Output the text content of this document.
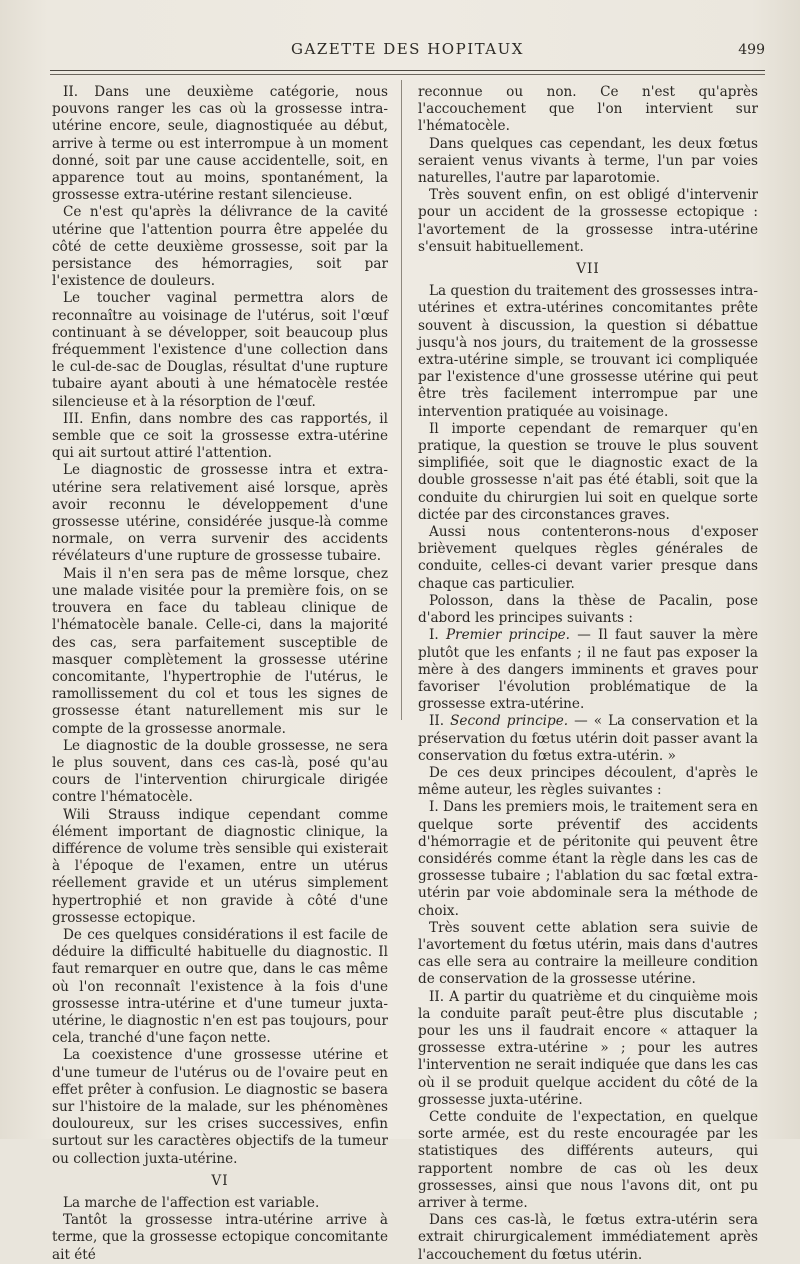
GAZETTE DES HOPITAUX	499

II. Dans une deuxième catégorie, nous pouvons ranger les cas où la grossesse intra-utérine encore, seule, diagnostiquée au début, arrive à terme ou est interrompue à un moment donné, soit par une cause accidentelle, soit, en apparence tout au moins, spontanément, la grossesse extra-utérine restant silencieuse.

Ce n'est qu'après la délivrance de la cavité utérine que l'attention pourra être appelée du côté de cette deuxième grossesse, soit par la persistance des hémorragies, soit par l'existence de douleurs.

Le toucher vaginal permettra alors de reconnaître au voisinage de l'utérus, soit l'œuf continuant à se développer, soit beaucoup plus fréquemment l'existence d'une collection dans le cul-de-sac de Douglas, résultat d'une rupture tubaire ayant abouti à une hématocèle restée silencieuse et à la résorption de l'œuf.

III. Enfin, dans nombre des cas rapportés, il semble que ce soit la grossesse extra-utérine qui ait surtout attiré l'attention.

Le diagnostic de grossesse intra et extra-utérine sera relativement aisé lorsque, après avoir reconnu le développement d'une grossesse utérine, considérée jusque-là comme normale, on verra survenir des accidents révélateurs d'une rupture de grossesse tubaire.

Mais il n'en sera pas de même lorsque, chez une malade visitée pour la première fois, on se trouvera en face du tableau clinique de l'hématocèle banale. Celle-ci, dans la majorité des cas, sera parfaitement susceptible de masquer complètement la grossesse utérine concomitante, l'hypertrophie de l'utérus, le ramollissement du col et tous les signes de grossesse étant naturellement mis sur le compte de la grossesse anormale.

Le diagnostic de la double grossesse, ne sera le plus souvent, dans ces cas-là, posé qu'au cours de l'intervention chirurgicale dirigée contre l'hématocèle.

Wili Strauss indique cependant comme élément important de diagnostic clinique, la différence de volume très sensible qui existerait à l'époque de l'examen, entre un utérus réellement gravide et un utérus simplement hypertrophié et non gravide à côté d'une grossesse ectopique.

De ces quelques considérations il est facile de déduire la difficulté habituelle du diagnostic. Il faut remarquer en outre que, dans le cas même où l'on reconnaît l'existence à la fois d'une grossesse intra-utérine et d'une tumeur juxta-utérine, le diagnostic n'en est pas toujours, pour cela, tranché d'une façon nette.

La coexistence d'une grossesse utérine et d'une tumeur de l'utérus ou de l'ovaire peut en effet prêter à confusion. Le diagnostic se basera sur l'histoire de la malade, sur les phénomènes douloureux, sur les crises successives, enfin surtout sur les caractères objectifs de la tumeur ou collection juxta-utérine.

VI

La marche de l'affection est variable.

Tantôt la grossesse intra-utérine arrive à terme, que la grossesse ectopique concomitante ait été

reconnue ou non. Ce n'est qu'après l'accouchement que l'on intervient sur l'hématocèle.

Dans quelques cas cependant, les deux fœtus seraient venus vivants à terme, l'un par voies naturelles, l'autre par laparotomie.

Très souvent enfin, on est obligé d'intervenir pour un accident de la grossesse ectopique : l'avortement de la grossesse intra-utérine s'ensuit habituellement.

VII

La question du traitement des grossesses intra-utérines et extra-utérines concomitantes prête souvent à discussion, la question si débattue jusqu'à nos jours, du traitement de la grossesse extra-utérine simple, se trouvant ici compliquée par l'existence d'une grossesse utérine qui peut être très facilement interrompue par une intervention pratiquée au voisinage.

Il importe cependant de remarquer qu'en pratique, la question se trouve le plus souvent simplifiée, soit que le diagnostic exact de la double grossesse n'ait pas été établi, soit que la conduite du chirurgien lui soit en quelque sorte dictée par des circonstances graves.

Aussi nous contenterons-nous d'exposer brièvement quelques règles générales de conduite, celles-ci devant varier presque dans chaque cas particulier.

Polosson, dans la thèse de Pacalin, pose d'abord les principes suivants :

I. Premier principe. — Il faut sauver la mère plutôt que les enfants ; il ne faut pas exposer la mère à des dangers imminents et graves pour favoriser l'évolution problématique de la grossesse extra-utérine.

II. Second principe. — « La conservation et la préservation du fœtus utérin doit passer avant la conservation du fœtus extra-utérin. »

De ces deux principes découlent, d'après le même auteur, les règles suivantes :

I. Dans les premiers mois, le traitement sera en quelque sorte préventif des accidents d'hémorragie et de péritonite qui peuvent être considérés comme étant la règle dans les cas de grossesse tubaire ; l'ablation du sac fœtal extra-utérin par voie abdominale sera la méthode de choix.

Très souvent cette ablation sera suivie de l'avortement du fœtus utérin, mais dans d'autres cas elle sera au contraire la meilleure condition de conservation de la grossesse utérine.

II. A partir du quatrième et du cinquième mois la conduite paraît peut-être plus discutable ; pour les uns il faudrait encore « attaquer la grossesse extra-utérine » ; pour les autres l'intervention ne serait indiquée que dans les cas où il se produit quelque accident du côté de la grossesse juxta-utérine.

Cette conduite de l'expectation, en quelque sorte armée, est du reste encouragée par les statistiques des différents auteurs, qui rapportent nombre de cas où les deux grossesses, ainsi que nous l'avons dit, ont pu arriver à terme.

Dans ces cas-là, le fœtus extra-utérin sera extrait chirurgicalement immédiatement après l'accouchement du fœtus utérin.
